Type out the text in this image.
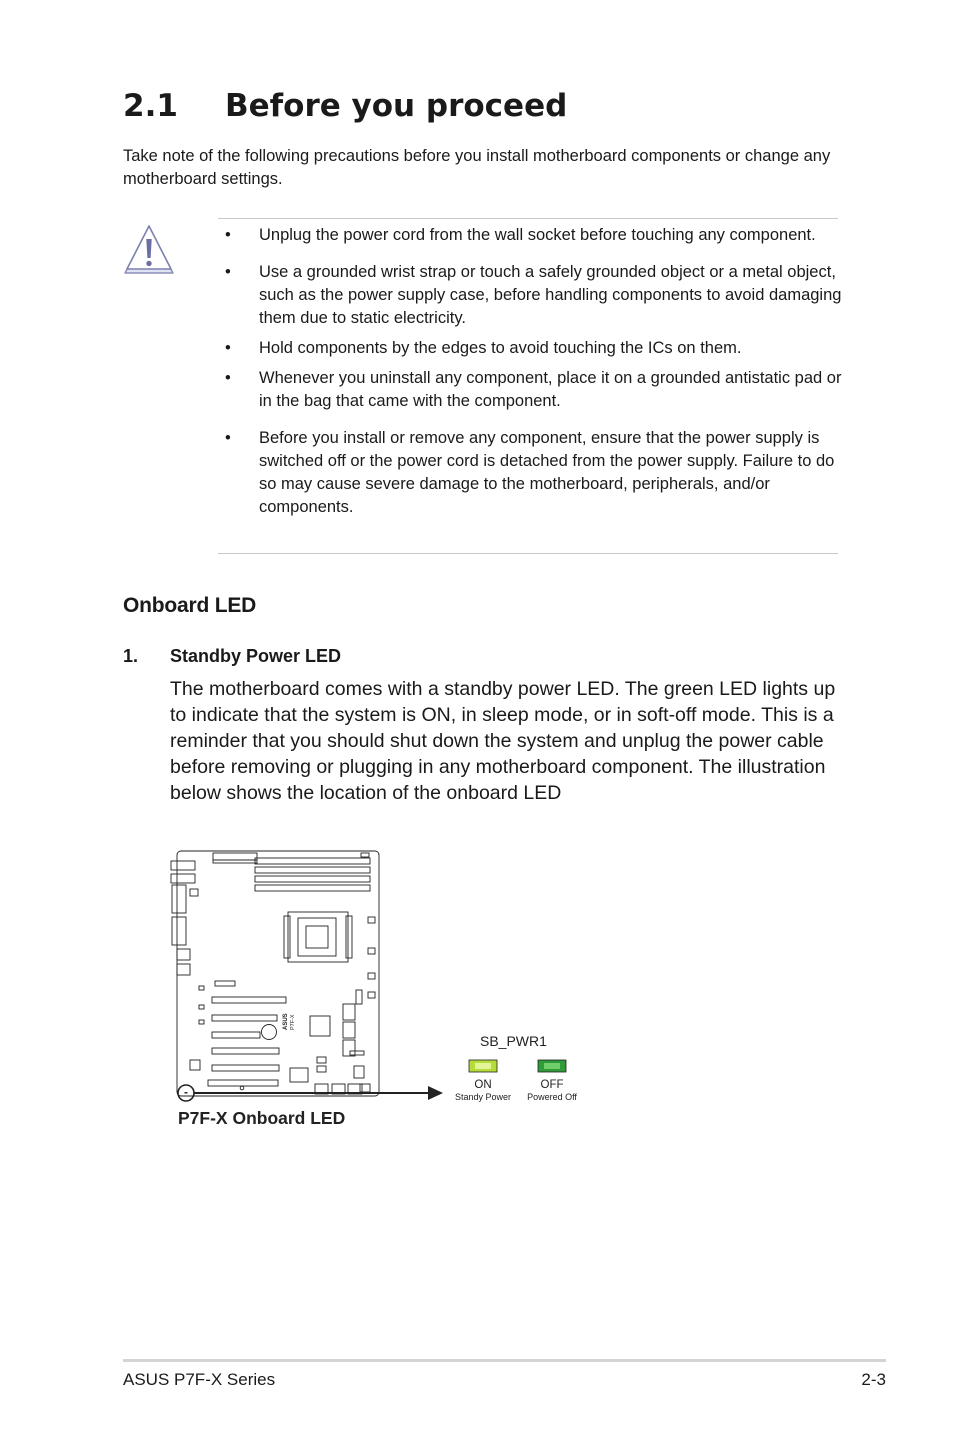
2.1 Before you proceed

Take note of the following precautions before you install motherboard components or change any motherboard settings.

• Unplug the power cord from the wall socket before touching any component.
• Use a grounded wrist strap or touch a safely grounded object or a metal object, such as the power supply case, before handling components to avoid damaging them due to static electricity.
• Hold components by the edges to avoid touching the ICs on them.
• Whenever you uninstall any component, place it on a grounded antistatic pad or in the bag that came with the component.
• Before you install or remove any component, ensure that the power supply is switched off or the power cord is detached from the power supply. Failure to do so may cause severe damage to the motherboard, peripherals, and/or components.
Onboard LED
1. Standby Power LED

The motherboard comes with a standby power LED. The green LED lights up to indicate that the system is ON, in sleep mode, or in soft-off mode. This is a reminder that you should shut down the system and unplug the power cable before removing or plugging in any motherboard component. The illustration below shows the location of the onboard LED

-
ASUS P7F-X
P7F-X Onboard LED
SB_PWR1
ON
Standy Power
OFF
Powered Off
ASUS P7F-X Series	2-3
